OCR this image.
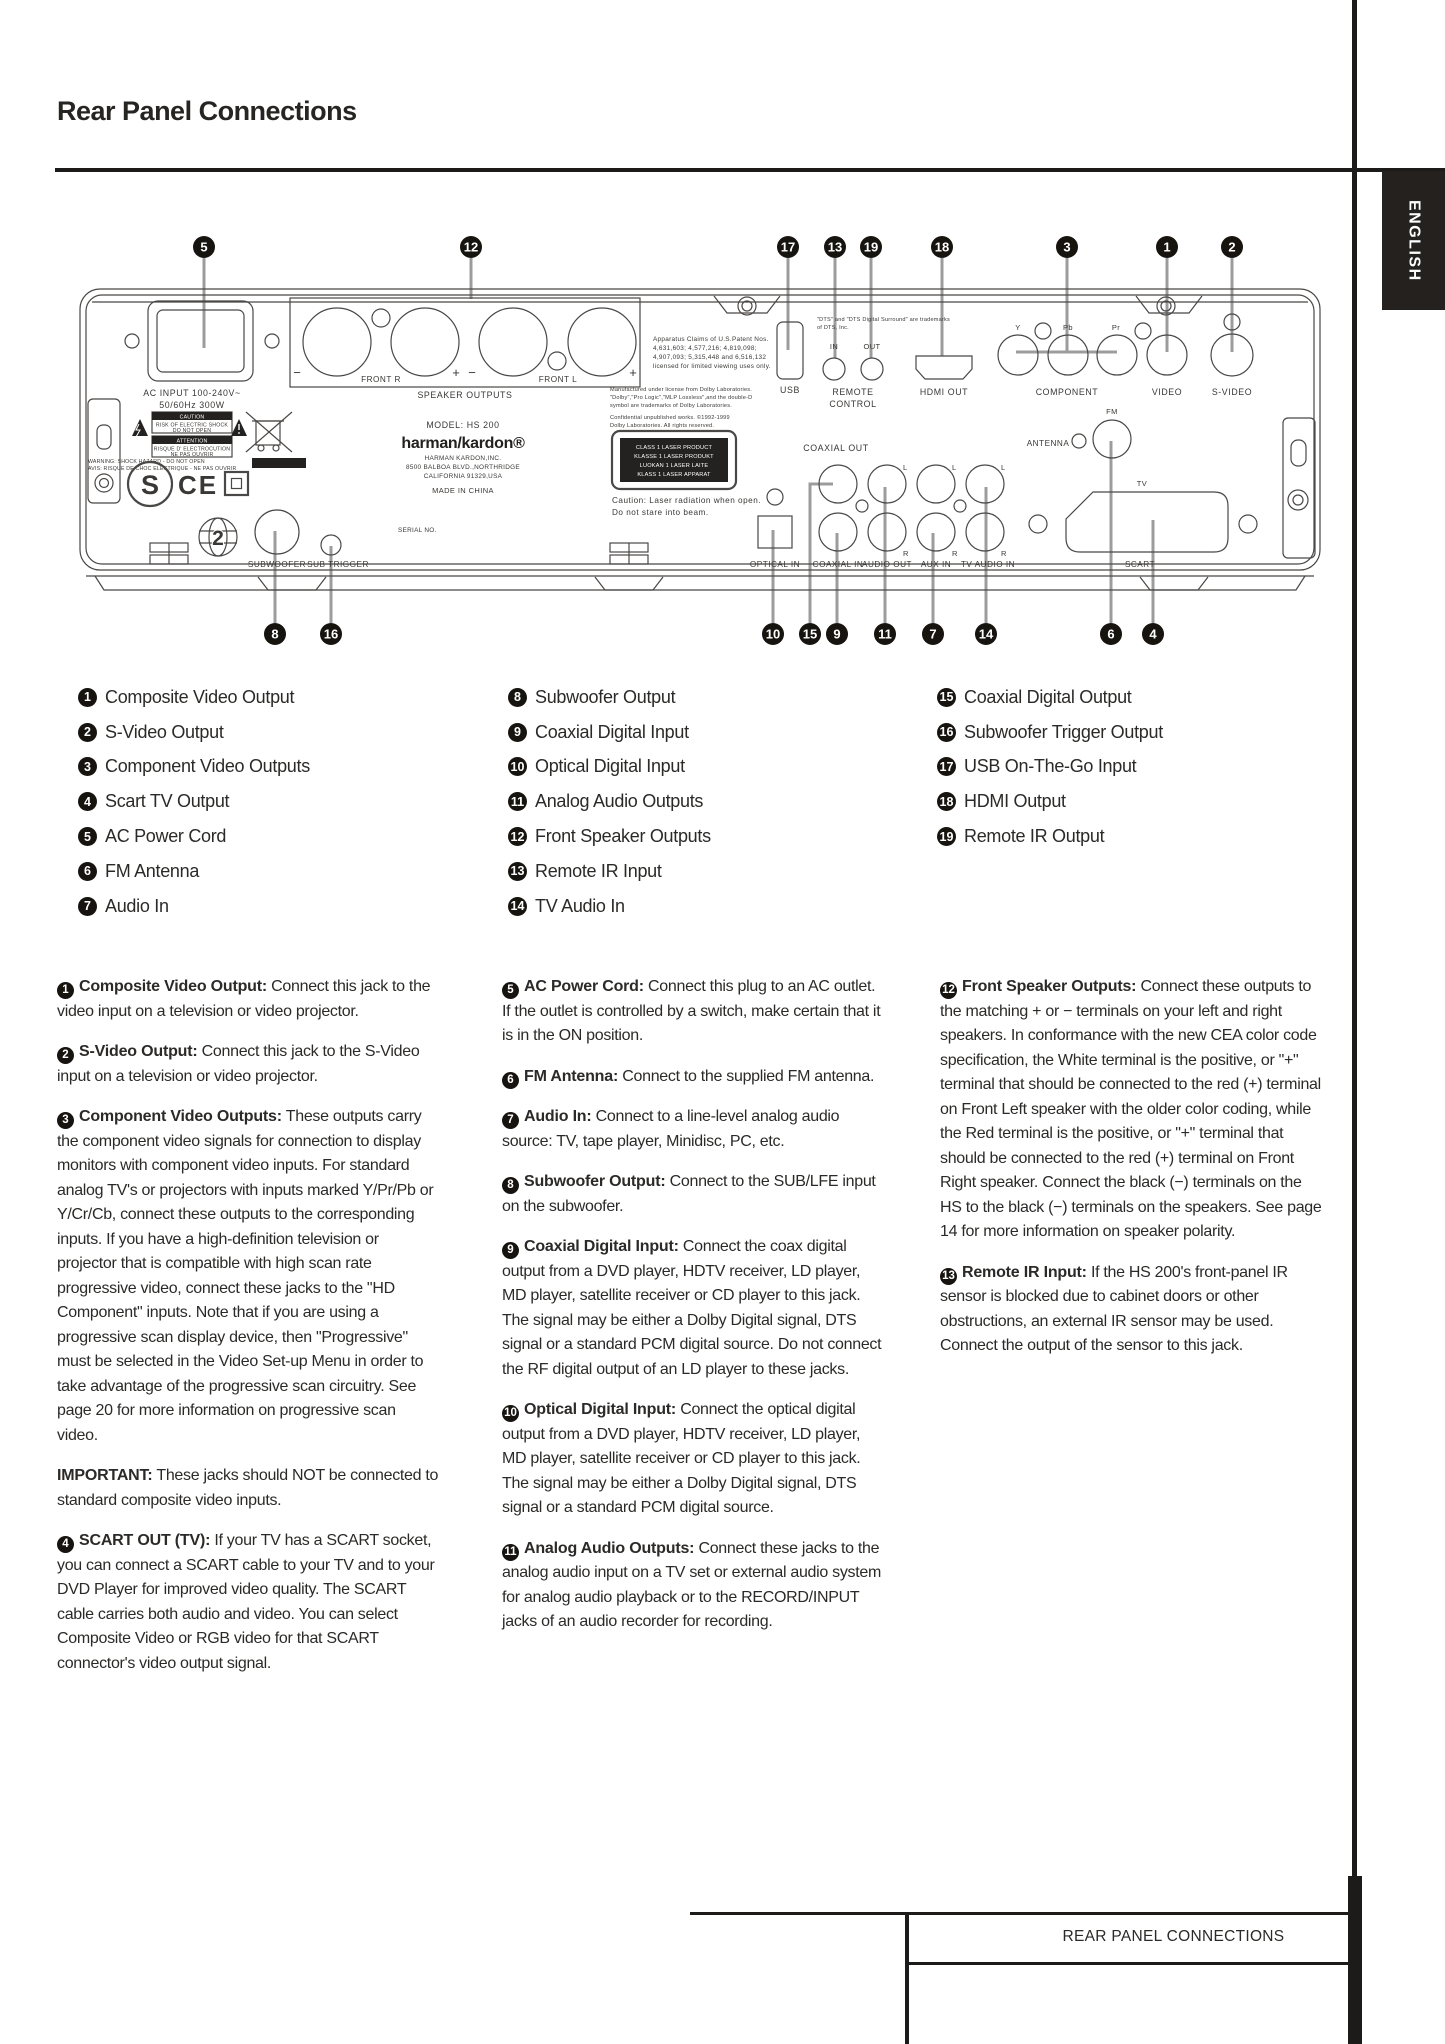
Rear Panel Connections
ENGLISH
AC INPUT 100-240V~
50/60Hz 300W
CAUTION
RISK OF ELECTRIC SHOCK
DO NOT OPEN
ATTENTION
RISQUE D' ELECTROCUTION
NE PAS OUVRIR
WARNING: SHOCK HAZARD - DO NOT OPEN
AVIS: RISQUE DE CHOC ELECTRIQUE - NE PAS OUVRIR
S CE
2
−	FRONT R	+ −	FRONT L	+
SPEAKER OUTPUTS
MODEL: HS 200
harman/kardon®
HARMAN KARDON,INC.
8500 BALBOA BLVD.,NORTHRIDGE
CALIFORNIA 91329,USA
MADE IN CHINA
SERIAL NO.
Apparatus Claims of U.S.Patent Nos.
4,631,603; 4,577,216; 4,819,098;
4,907,093; 5,315,448 and 6,516,132
licensed for limited viewing uses only.
Manufactured under license from Dolby Laboratories.
"Dolby","Pro Logic","MLP Lossless",and the double-D
symbol are trademarks of Dolby Laboratories.
Confidential unpublished works. ©1992-1999
Dolby Laboratories. All rights reserved.
CLASS 1 LASER PRODUCT
KLASSE 1 LASER PRODUKT
LUOKAN 1 LASER LAITE
KLASS 1 LASER APPARAT
Caution: Laser radiation when open.
Do not stare into beam.
USB
"DTS" and "DTS Digital Surround" are trademarks
of DTS, Inc.
IN	OUT
REMOTE
CONTROL
HDMI OUT
COAXIAL OUT
L	L	L
R	R	R
OPTICAL IN COAXIAL IN
AUDIO OUT AUX IN TV AUDIO IN
Y	Pb	Pr
COMPONENT	VIDEO	S-VIDEO
FM
ANTENNA
TV
SCART
SUBWOOFER SUB TRIGGER
5	12	17	13 19	18	3	1	2
8	16	10 15 9	11	7	14	6	4
1 Composite Video Output
2 S-Video Output
3 Component Video Outputs
4 Scart TV Output
5 AC Power Cord
6 FM Antenna
7 Audio In
8 Subwoofer Output
9 Coaxial Digital Input
10 Optical Digital Input
11 Analog Audio Outputs
12 Front Speaker Outputs
13 Remote IR Input
14 TV Audio In
15 Coaxial Digital Output
16 Subwoofer Trigger Output
17 USB On-The-Go Input
18 HDMI Output
19 Remote IR Output

1 Composite Video Output: Connect this jack to the video input on a television or video projector.

2 S-Video Output: Connect this jack to the S-Video input on a television or video projector.

3 Component Video Outputs: These outputs carry the component video signals for connection to display monitors with component video inputs. For standard analog TV's or projectors with inputs marked Y/Pr/Pb or Y/Cr/Cb, connect these outputs to the corresponding inputs. If you have a high-definition television or projector that is compatible with high scan rate progressive video, connect these jacks to the "HD Component" inputs. Note that if you are using a progressive scan display device, then "Progressive" must be selected in the Video Set-up Menu in order to take advantage of the progressive scan circuitry. See page 20 for more information on progressive scan video.

IMPORTANT: These jacks should NOT be connected to standard composite video inputs.

4 SCART OUT (TV): If your TV has a SCART socket, you can connect a SCART cable to your TV and to your DVD Player for improved video quality. The SCART cable carries both audio and video. You can select Composite Video or RGB video for that SCART connector's video output signal.

5 AC Power Cord: Connect this plug to an AC outlet. If the outlet is controlled by a switch, make certain that it is in the ON position.

6 FM Antenna: Connect to the supplied FM antenna.

7 Audio In: Connect to a line-level analog audio source: TV, tape player, Minidisc, PC, etc.

8 Subwoofer Output: Connect to the SUB/LFE input on the subwoofer.

9 Coaxial Digital Input: Connect the coax digital output from a DVD player, HDTV receiver, LD player, MD player, satellite receiver or CD player to this jack. The signal may be either a Dolby Digital signal, DTS signal or a standard PCM digital source. Do not connect the RF digital output of an LD player to these jacks.

10 Optical Digital Input: Connect the optical digital output from a DVD player, HDTV receiver, LD player, MD player, satellite receiver or CD player to this jack. The signal may be either a Dolby Digital signal, DTS signal or a standard PCM digital source.

11 Analog Audio Outputs: Connect these jacks to the analog audio input on a TV set or external audio system for analog audio playback or to the RECORD/INPUT jacks of an audio recorder for recording.

12 Front Speaker Outputs: Connect these outputs to the matching + or − terminals on your left and right speakers. In conformance with the new CEA color code specification, the White terminal is the positive, or "+" terminal that should be connected to the red (+) terminal on Front Left speaker with the older color coding, while the Red terminal is the positive, or "+" terminal that should be connected to the red (+) terminal on Front Right speaker. Connect the black (−) terminals on the HS to the black (−) terminals on the speakers. See page 14 for more information on speaker polarity.

13 Remote IR Input: If the HS 200's front-panel IR sensor is blocked due to cabinet doors or other obstructions, an external IR sensor may be used. Connect the output of the sensor to this jack.

REAR PANEL CONNECTIONS
